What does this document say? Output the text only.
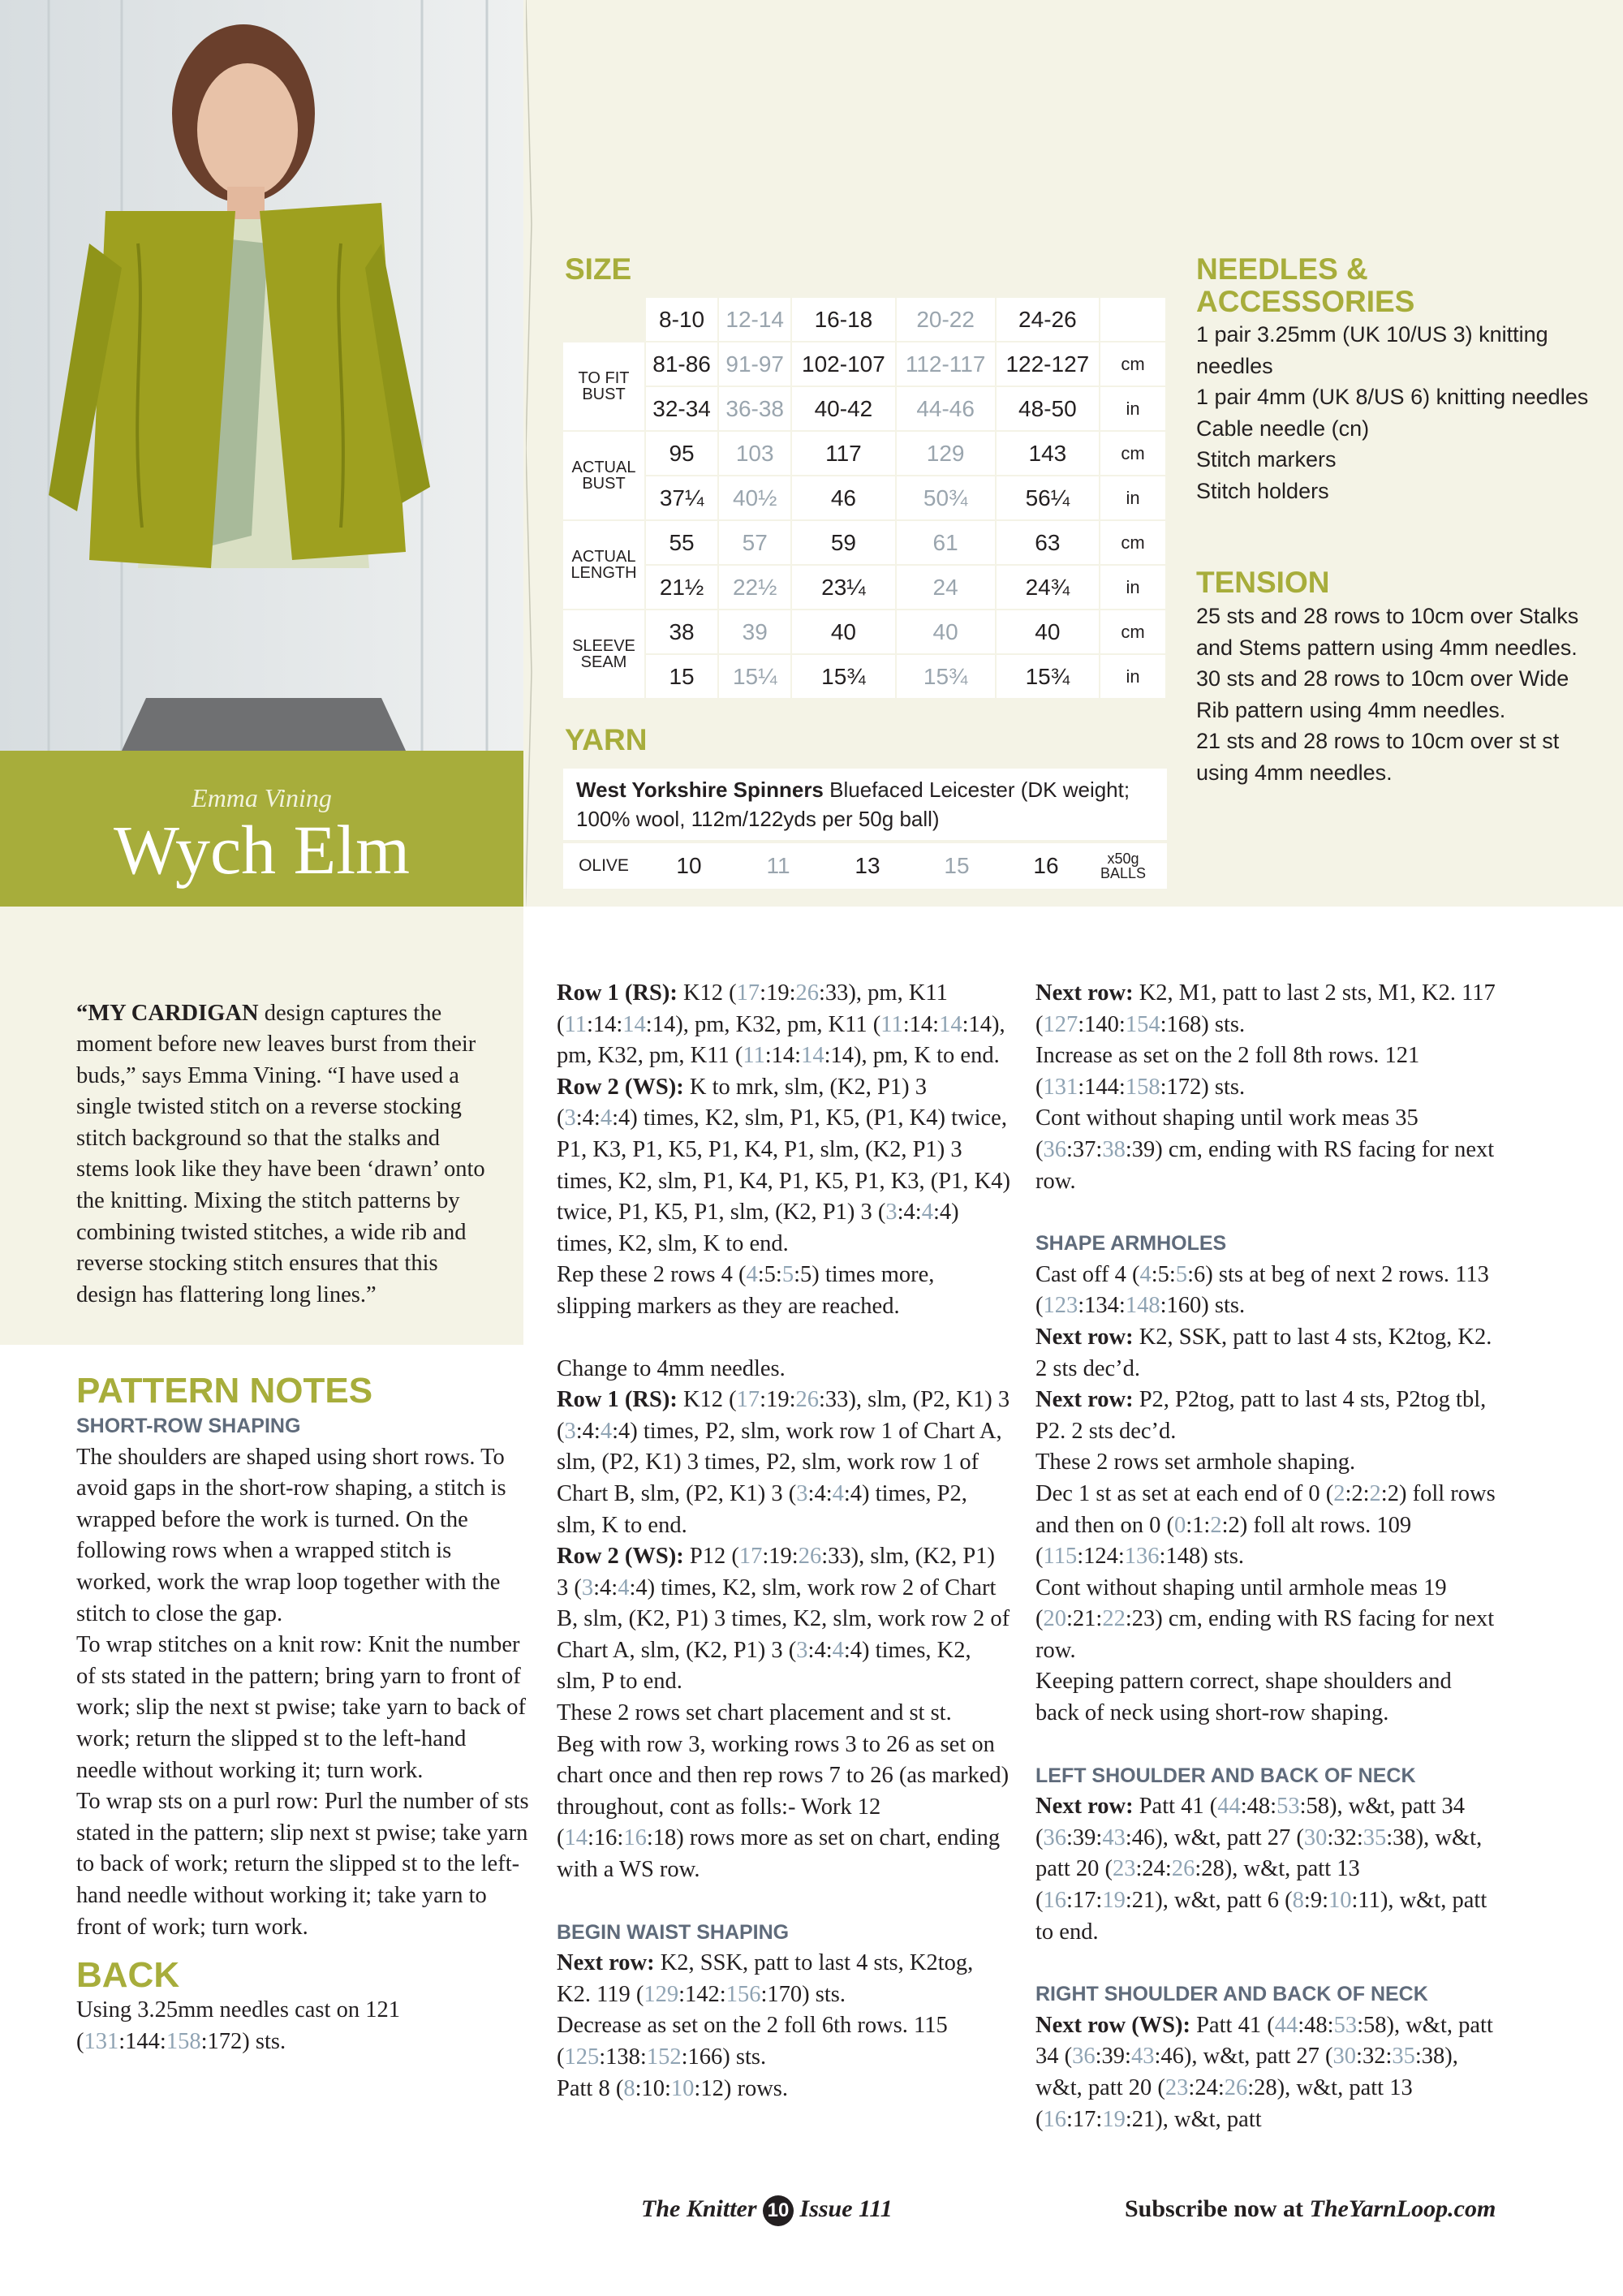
Emma Vining
Wych Elm
SIZE
	8-10	12-14	16-18	20-22	24-26	
TO FIT BUST	81-86	91-97	102-107	112-117	122-127	cm
	32-34	36-38	40-42	44-46	48-50	in
ACTUAL BUST	95	103	117	129	143	cm
	37¼	40½	46	50¾	56¼	in
ACTUAL LENGTH	55	57	59	61	63	cm
	21½	22½	23¼	24	24¾	in
SLEEVE SEAM	38	39	40	40	40	cm
	15	15¼	15¾	15¾	15¾	in
YARN
West Yorkshire Spinners Bluefaced Leicester (DK weight; 100% wool, 112m/122yds per 50g ball)
OLIVE	10	11	13	15	16	x50g BALLS
NEEDLES & ACCESSORIES
1 pair 3.25mm (UK 10/US 3) knitting needles
1 pair 4mm (UK 8/US 6) knitting needles
Cable needle (cn)
Stitch markers
Stitch holders
TENSION
25 sts and 28 rows to 10cm over Stalks and Stems pattern using 4mm needles.
30 sts and 28 rows to 10cm over Wide Rib pattern using 4mm needles.
21 sts and 28 rows to 10cm over st st using 4mm needles.

“MY CARDIGAN design captures the moment before new leaves burst from their buds,” says Emma Vining. “I have used a single twisted stitch on a reverse stocking stitch background so that the stalks and stems look like they have been ‘drawn’ onto the knitting. Mixing the stitch patterns by combining twisted stitches, a wide rib and reverse stocking stitch ensures that this design has flattering long lines.”

PATTERN NOTES

SHORT-ROW SHAPING

The shoulders are shaped using short rows. To avoid gaps in the short-row shaping, a stitch is wrapped before the work is turned. On the following rows when a wrapped stitch is worked, work the wrap loop together with the stitch to close the gap.

To wrap stitches on a knit row: Knit the number of sts stated in the pattern; bring yarn to front of work; slip the next st pwise; take yarn to back of work; return the slipped st to the left-hand needle without working it; turn work.

To wrap sts on a purl row: Purl the number of sts stated in the pattern; slip next st pwise; take yarn to back of work; return the slipped st to the left-hand needle without working it; take yarn to front of work; turn work.

BACK

Using 3.25mm needles cast on 121 (131:144:158:172) sts.

Row 1 (RS): K12 (17:19:26:33), pm, K11 (11:14:14:14), pm, K32, pm, K11 (11:14:14:14), pm, K32, pm, K11 (11:14:14:14), pm, K to end.

Row 2 (WS): K to mrk, slm, (K2, P1) 3 (3:4:4:4) times, K2, slm, P1, K5, (P1, K4) twice, P1, K3, P1, K5, P1, K4, P1, slm, (K2, P1) 3 times, K2, slm, P1, K4, P1, K5, P1, K3, (P1, K4) twice, P1, K5, P1, slm, (K2, P1) 3 (3:4:4:4) times, K2, slm, K to end.

Rep these 2 rows 4 (4:5:5:5) times more, slipping markers as they are reached.

Change to 4mm needles.

Row 1 (RS): K12 (17:19:26:33), slm, (P2, K1) 3 (3:4:4:4) times, P2, slm, work row 1 of Chart A, slm, (P2, K1) 3 times, P2, slm, work row 1 of Chart B, slm, (P2, K1) 3 (3:4:4:4) times, P2, slm, K to end.

Row 2 (WS): P12 (17:19:26:33), slm, (K2, P1) 3 (3:4:4:4) times, K2, slm, work row 2 of Chart B, slm, (K2, P1) 3 times, K2, slm, work row 2 of Chart A, slm, (K2, P1) 3 (3:4:4:4) times, K2, slm, P to end.

These 2 rows set chart placement and st st.

Beg with row 3, working rows 3 to 26 as set on chart once and then rep rows 7 to 26 (as marked) throughout, cont as folls:- Work 12 (14:16:16:18) rows more as set on chart, ending with a WS row.

BEGIN WAIST SHAPING

Next row: K2, SSK, patt to last 4 sts, K2tog, K2. 119 (129:142:156:170) sts.

Decrease as set on the 2 foll 6th rows. 115 (125:138:152:166) sts.

Patt 8 (8:10:10:12) rows.

Next row: K2, M1, patt to last 2 sts, M1, K2. 117 (127:140:154:168) sts.

Increase as set on the 2 foll 8th rows. 121 (131:144:158:172) sts.

Cont without shaping until work meas 35 (36:37:38:39) cm, ending with RS facing for next row.

SHAPE ARMHOLES

Cast off 4 (4:5:5:6) sts at beg of next 2 rows. 113 (123:134:148:160) sts.

Next row: K2, SSK, patt to last 4 sts, K2tog, K2. 2 sts dec’d.

Next row: P2, P2tog, patt to last 4 sts, P2tog tbl, P2. 2 sts dec’d.

These 2 rows set armhole shaping.

Dec 1 st as set at each end of 0 (2:2:2:2) foll rows and then on 0 (0:1:2:2) foll alt rows. 109 (115:124:136:148) sts.

Cont without shaping until armhole meas 19 (20:21:22:23) cm, ending with RS facing for next row.

Keeping pattern correct, shape shoulders and back of neck using short-row shaping.

LEFT SHOULDER AND BACK OF NECK

Next row: Patt 41 (44:48:53:58), w&t, patt 34 (36:39:43:46), w&t, patt 27 (30:32:35:38), w&t, patt 20 (23:24:26:28), w&t, patt 13 (16:17:19:21), w&t, patt 6 (8:9:10:11), w&t, patt to end.

RIGHT SHOULDER AND BACK OF NECK

Next row (WS): Patt 41 (44:48:53:58), w&t, patt 34 (36:39:43:46), w&t, patt 27 (30:32:35:38), w&t, patt 20 (23:24:26:28), w&t, patt 13 (16:17:19:21), w&t, patt

The Knitter 10 Issue 111	Subscribe now at TheYarnLoop.com
